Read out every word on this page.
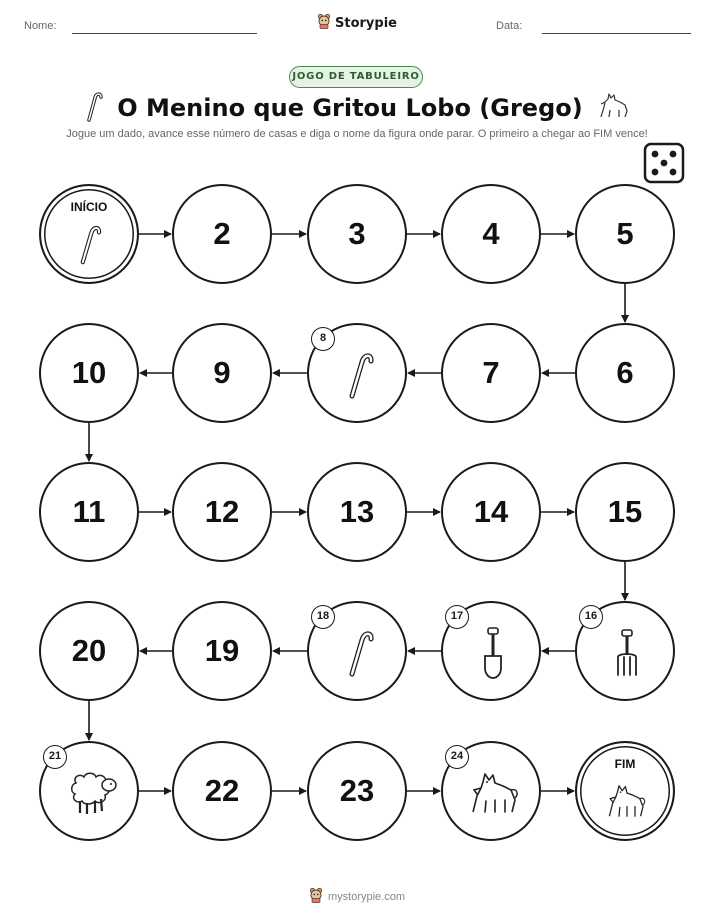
Nome:	Storypie	Data:
JOGO DE TABULEIRO
O Menino que Gritou Lobo (Grego)
Jogue um dado, avance esse número de casas e diga o nome da figura onde parar. O primeiro a chegar ao FIM vence!
INÍCIO
2	3	4	5
6
7
8
9
10
11	12	13	14	15
16
17
18
19
20
21
22	23
24
FIM
mystorypie.com
